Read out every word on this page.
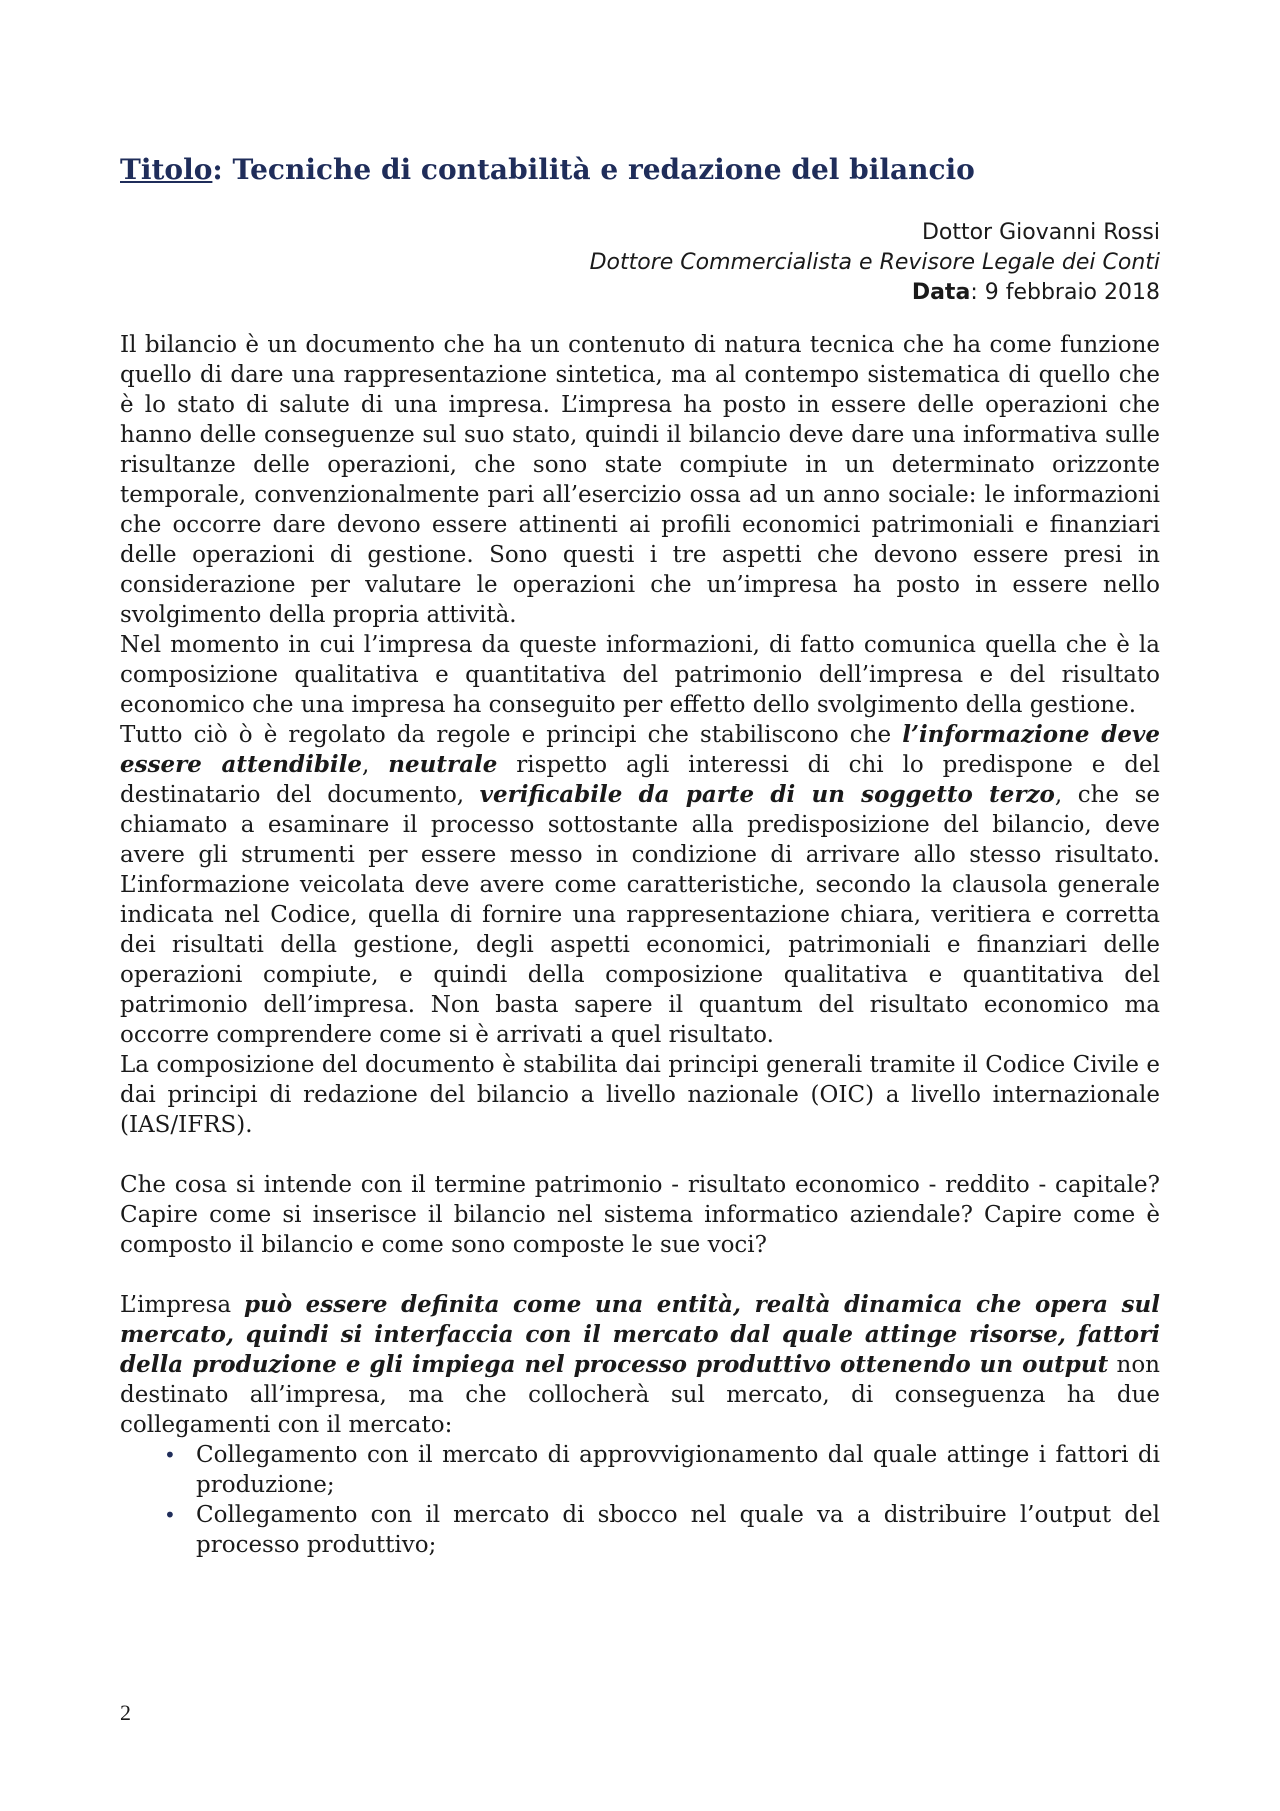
Titolo: Tecniche di contabilità e redazione del bilancio
Dottor Giovanni Rossi
Dottore Commercialista e Revisore Legale dei Conti
Data: 9 febbraio 2018

Il bilancio è un documento che ha un contenuto di natura tecnica che ha come funzione quello di dare una rappresentazione sintetica, ma al contempo sistematica di quello che è lo stato di salute di una impresa. L’impresa ha posto in essere delle operazioni che hanno delle conseguenze sul suo stato, quindi il bilancio deve dare una informativa sulle risultanze delle operazioni, che sono state compiute in un determinato orizzonte temporale, convenzionalmente pari all’esercizio ossa ad un anno sociale: le informazioni che occorre dare devono essere attinenti ai profili economici patrimoniali e finanziari delle operazioni di gestione. Sono questi i tre aspetti che devono essere presi in considerazione per valutare le operazioni che un’impresa ha posto in essere nello svolgimento della propria attività.

Nel momento in cui l’impresa da queste informazioni, di fatto comunica quella che è la composizione qualitativa e quantitativa del patrimonio dell’impresa e del risultato economico che una impresa ha conseguito per effetto dello svolgimento della gestione.

Tutto ciò ò è regolato da regole e principi che stabiliscono che l’informazione deve essere attendibile, neutrale rispetto agli interessi di chi lo predispone e del destinatario del documento, verificabile da parte di un soggetto terzo, che se chiamato a esaminare il processo sottostante alla predisposizione del bilancio, deve avere gli strumenti per essere messo in condizione di arrivare allo stesso risultato. L’informazione veicolata deve avere come caratteristiche, secondo la clausola generale indicata nel Codice, quella di fornire una rappresentazione chiara, veritiera e corretta dei risultati della gestione, degli aspetti economici, patrimoniali e finanziari delle operazioni compiute, e quindi della composizione qualitativa e quantitativa del patrimonio dell’impresa. Non basta sapere il quantum del risultato economico ma occorre comprendere come si è arrivati a quel risultato.

La composizione del documento è stabilita dai principi generali tramite il Codice Civile e dai principi di redazione del bilancio a livello nazionale (OIC) a livello internazionale (IAS/IFRS).

Che cosa si intende con il termine patrimonio - risultato economico - reddito - capitale? Capire come si inserisce il bilancio nel sistema informatico aziendale? Capire come è composto il bilancio e come sono composte le sue voci?

L’impresa può essere definita come una entità, realtà dinamica che opera sul mercato, quindi si interfaccia con il mercato dal quale attinge risorse, fattori della produzione e gli impiega nel processo produttivo ottenendo un output non destinato all’impresa, ma che collocherà sul mercato, di conseguenza ha due collegamenti con il mercato:

• Collegamento con il mercato di approvvigionamento dal quale attinge i fattori di produzione;
• Collegamento con il mercato di sbocco nel quale va a distribuire l’output del processo produttivo;
2
